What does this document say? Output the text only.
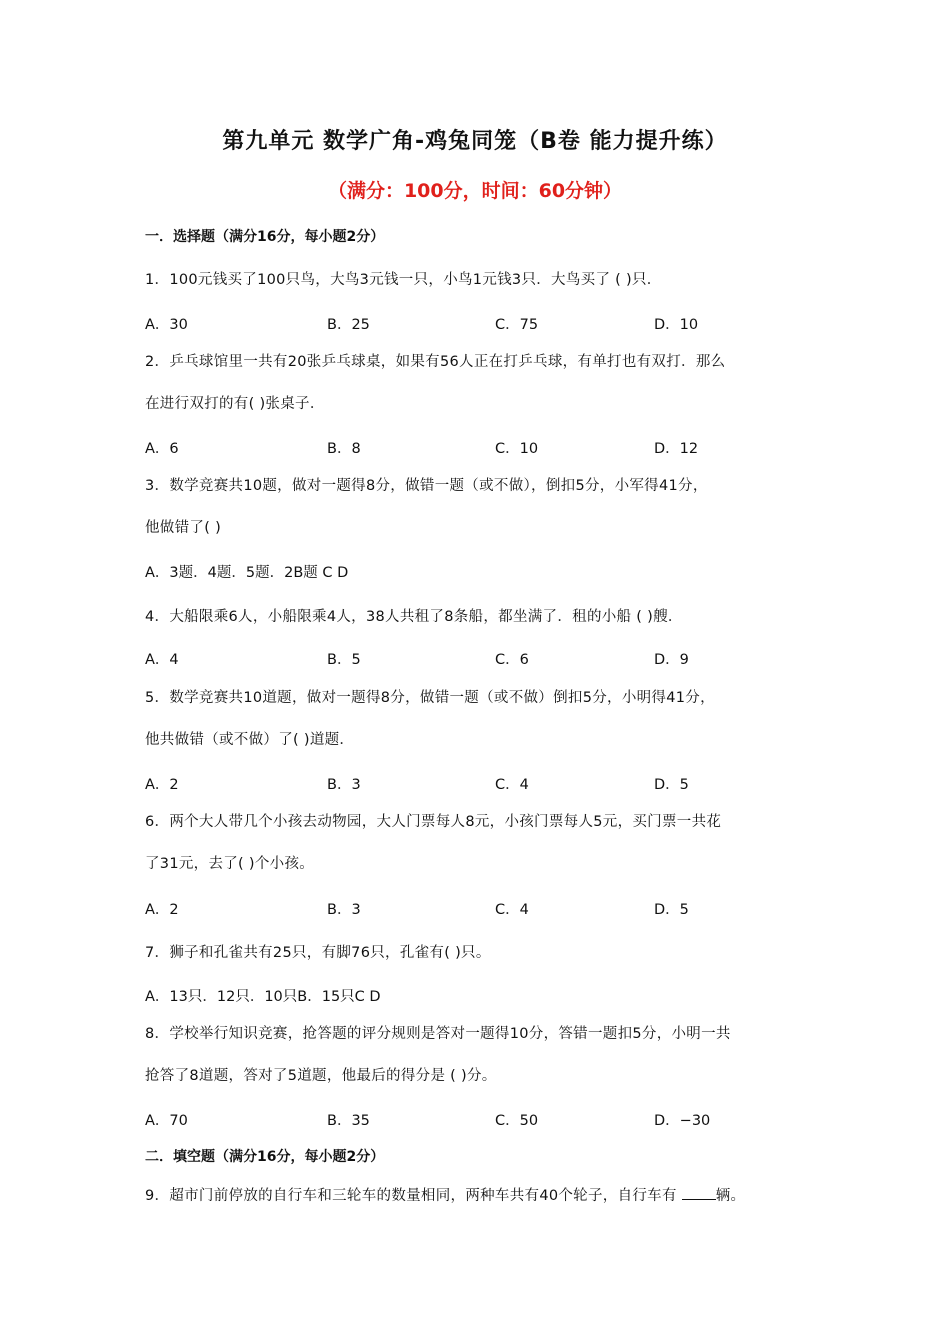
第九单元 数学广角-鸡兔同笼（B卷 能力提升练）
（满分：100分，时间：60分钟）
一．选择题（满分16分，每小题2分）
1．100元钱买了100只鸟，大鸟3元钱一只，小鸟1元钱3只．大鸟买了 ( )只．
A．30	B．25	C．75	D．10
2．乒乓球馆里一共有20张乒乓球桌，如果有56人正在打乒乓球，有单打也有双打．那么
在进行双打的有( )张桌子．
A．6	B．8	C．10	D．12
3．数学竞赛共10题，做对一题得8分，做错一题（或不做），倒扣5分，小军得41分，
他做错了( )
A．3题．4题．5题．2B题 C D
4．大船限乘6人，小船限乘4人，38人共租了8条船，都坐满了．租的小船 ( )艘．
A．4	B．5	C．6	D．9
5．数学竞赛共10道题，做对一题得8分，做错一题（或不做）倒扣5分，小明得41分，
他共做错（或不做）了( )道题．
A．2	B．3	C．4	D．5
6．两个大人带几个小孩去动物园，大人门票每人8元，小孩门票每人5元，买门票一共花
了31元，去了( )个小孩。
A．2	B．3	C．4	D．5
7．狮子和孔雀共有25只，有脚76只，孔雀有( )只。
A．13只．12只．10只B．15只C D
8．学校举行知识竞赛，抢答题的评分规则是答对一题得10分，答错一题扣5分，小明一共
抢答了8道题，答对了5道题，他最后的得分是 ( )分。
A．70	B．35	C．50	D．−30
二．填空题（满分16分，每小题2分）
9．超市门前停放的自行车和三轮车的数量相同，两种车共有40个轮子，自行车有 辆。
